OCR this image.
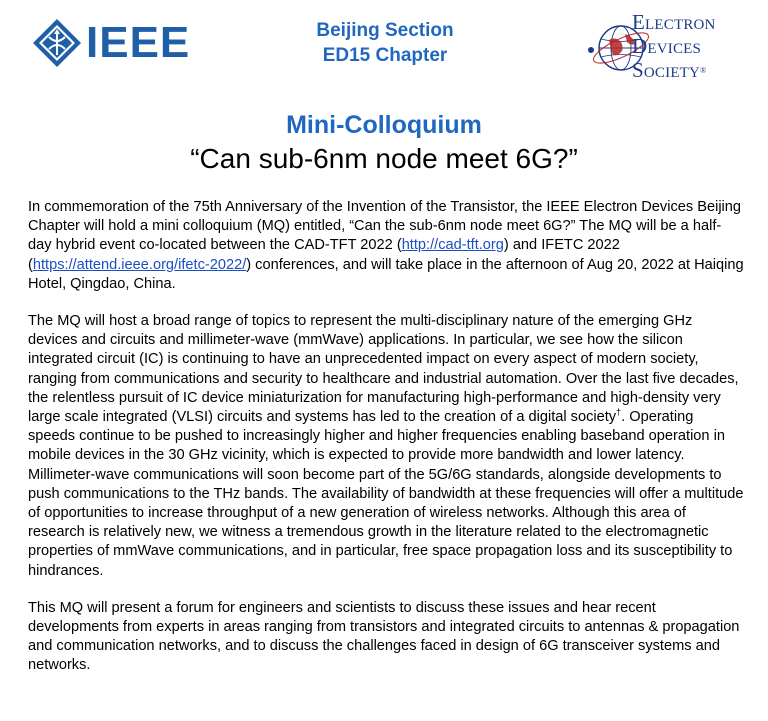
IEEE	Beijing Section
ED15 Chapter
ELECTRON
DEVICES
SOCIETY®
Mini-Colloquium
“Can sub-6nm node meet 6G?”

In commemoration of the 75th Anniversary of the Invention of the Transistor, the IEEE Electron Devices Beijing Chapter will hold a mini colloquium (MQ) entitled, “Can the sub-6nm node meet 6G?” The MQ will be a half-day hybrid event co-located between the CAD-TFT 2022 (http://cad-tft.org) and IFETC 2022 (https://attend.ieee.org/ifetc-2022/) conferences, and will take place in the afternoon of Aug 20, 2022 at Haiqing Hotel, Qingdao, China.

The MQ will host a broad range of topics to represent the multi-disciplinary nature of the emerging GHz devices and circuits and millimeter-wave (mmWave) applications. In particular, we see how the silicon integrated circuit (IC) is continuing to have an unprecedented impact on every aspect of modern society, ranging from communications and security to healthcare and industrial automation. Over the last five decades, the relentless pursuit of IC device miniaturization for manufacturing high-performance and high-density very large scale integrated (VLSI) circuits and systems has led to the creation of a digital society†. Operating speeds continue to be pushed to increasingly higher and higher frequencies enabling baseband operation in mobile devices in the 30 GHz vicinity, which is expected to provide more bandwidth and lower latency. Millimeter-wave communications will soon become part of the 5G/6G standards, alongside developments to push communications to the THz bands. The availability of bandwidth at these frequencies will offer a multitude of opportunities to increase throughput of a new generation of wireless networks. Although this area of research is relatively new, we witness a tremendous growth in the literature related to the electromagnetic properties of mmWave communications, and in particular, free space propagation loss and its susceptibility to hindrances.

This MQ will present a forum for engineers and scientists to discuss these issues and hear recent developments from experts in areas ranging from transistors and integrated circuits to antennas & propagation and communication networks, and to discuss the challenges faced in design of 6G transceiver systems and networks.
